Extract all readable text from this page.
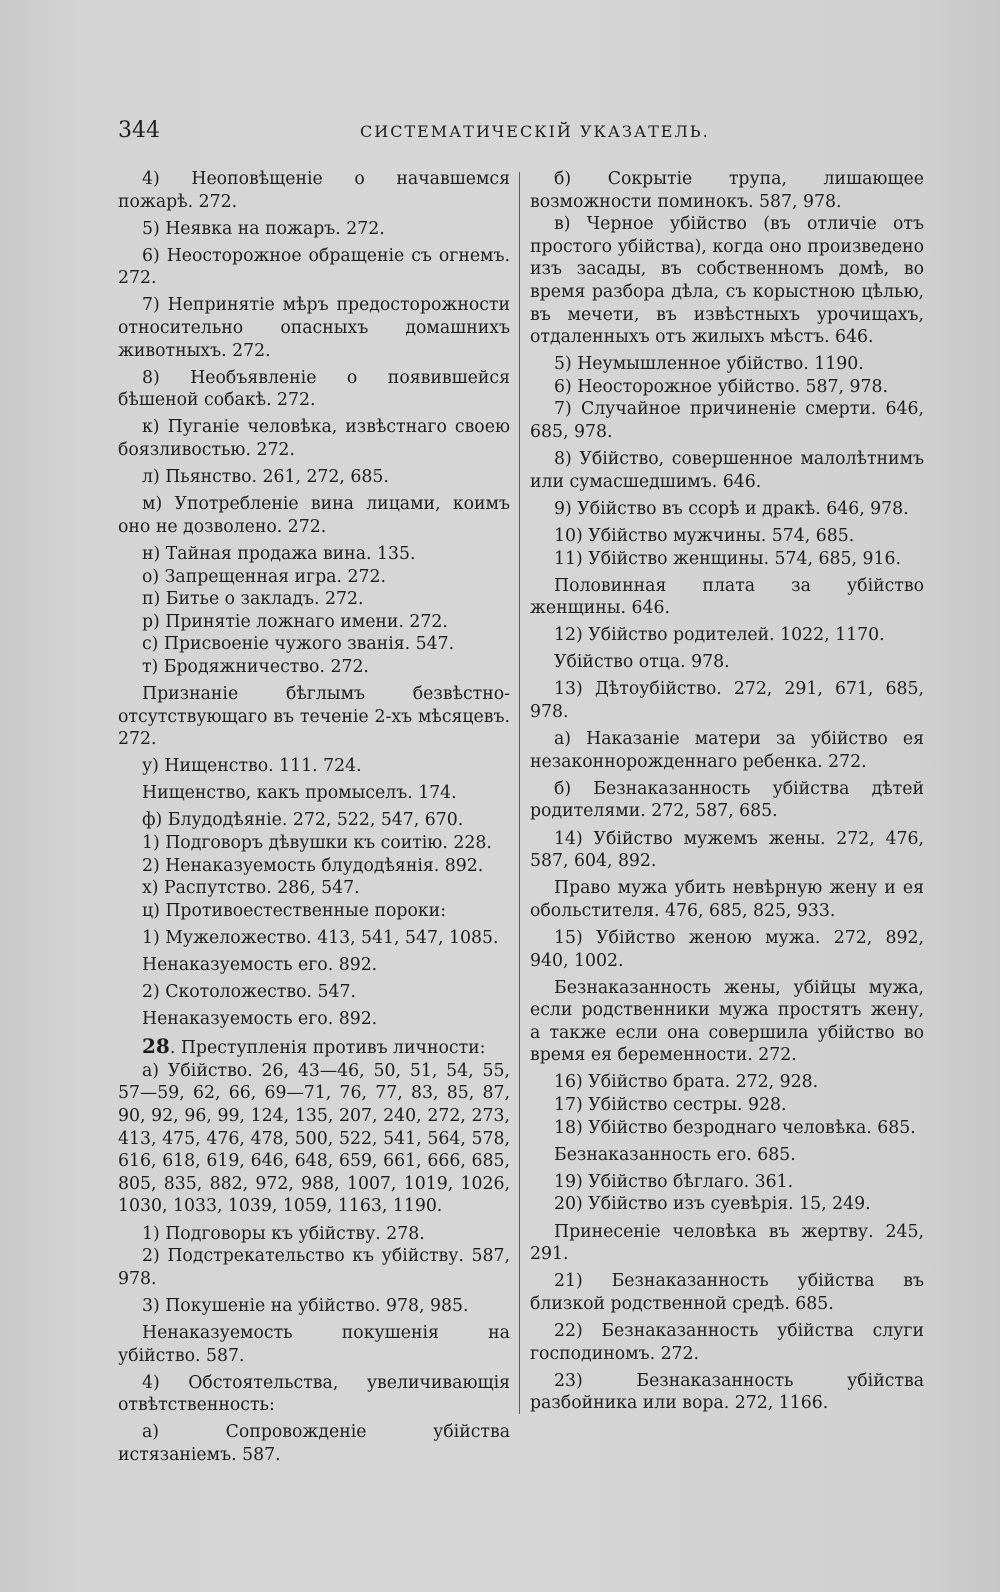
344	СИСТЕМАТИЧЕСКІЙ УКАЗАТЕЛЬ.

4) Неоповѣщеніе о начавшемся пожарѣ. 272.

5) Неявка на пожаръ. 272.

6) Неосторожное обращеніе съ огнемъ. 272.

7) Непринятіе мѣръ предосторожности относительно опасныхъ домашнихъ животныхъ. 272.

8) Необъявленіе о появившейся бѣшеной собакѣ. 272.

к) Пуганіе человѣка, извѣстнаго своею боязливостью. 272.

л) Пьянство. 261, 272, 685.

м) Употребленіе вина лицами, коимъ оно не дозволено. 272.

н) Тайная продажа вина. 135.

о) Запрещенная игра. 272.

п) Битье о закладъ. 272.

р) Принятіе ложнаго имени. 272.

с) Присвоеніе чужого званія. 547.

т) Бродяжничество. 272.

Признаніе бѣглымъ безвѣстно-отсутствующаго въ теченіе 2-хъ мѣсяцевъ. 272.

у) Нищенство. 111. 724.

Нищенство, какъ промыселъ. 174.

ф) Блудодѣяніе. 272, 522, 547, 670.

1) Подговоръ дѣвушки къ соитію. 228.

2) Ненаказуемость блудодѣянія. 892.

х) Распутство. 286, 547.

ц) Противоестественные пороки:

1) Мужеложество. 413, 541, 547, 1085.

Ненаказуемость его. 892.

2) Скотоложество. 547.

Ненаказуемость его. 892.

28. Преступленія противъ личности:

а) Убійство. 26, 43—46, 50, 51, 54, 55, 57—59, 62, 66, 69—71, 76, 77, 83, 85, 87, 90, 92, 96, 99, 124, 135, 207, 240, 272, 273, 413, 475, 476, 478, 500, 522, 541, 564, 578, 616, 618, 619, 646, 648, 659, 661, 666, 685, 805, 835, 882, 972, 988, 1007, 1019, 1026, 1030, 1033, 1039, 1059, 1163, 1190.

1) Подговоры къ убійству. 278.

2) Подстрекательство къ убійству. 587, 978.

3) Покушеніе на убійство. 978, 985.

Ненаказуемость покушенія на убійство. 587.

4) Обстоятельства, увеличивающія отвѣтственность:

а) Сопровожденіе убійства истязаніемъ. 587.

б) Сокрытіе трупа, лишающее возможности поминокъ. 587, 978.

в) Черное убійство (въ отличіе отъ простого убійства), когда оно произведено изъ засады, въ собственномъ домѣ, во время разбора дѣла, съ корыстною цѣлью, въ мечети, въ извѣстныхъ урочищахъ, отдаленныхъ отъ жилыхъ мѣстъ. 646.

5) Неумышленное убійство. 1190.

6) Неосторожное убійство. 587, 978.

7) Случайное причиненіе смерти. 646, 685, 978.

8) Убійство, совершенное малолѣтнимъ или сумасшедшимъ. 646.

9) Убійство въ ссорѣ и дракѣ. 646, 978.

10) Убійство мужчины. 574, 685.

11) Убійство женщины. 574, 685, 916.

Половинная плата за убійство женщины. 646.

12) Убійство родителей. 1022, 1170.

Убійство отца. 978.

13) Дѣтоубійство. 272, 291, 671, 685, 978.

а) Наказаніе матери за убійство ея незаконнорожденнаго ребенка. 272.

б) Безнаказанность убійства дѣтей родителями. 272, 587, 685.

14) Убійство мужемъ жены. 272, 476, 587, 604, 892.

Право мужа убить невѣрную жену и ея обольстителя. 476, 685, 825, 933.

15) Убійство женою мужа. 272, 892, 940, 1002.

Безнаказанность жены, убійцы мужа, если родственники мужа простятъ жену, а также если она совершила убійство во время ея беременности. 272.

16) Убійство брата. 272, 928.

17) Убійство сестры. 928.

18) Убійство безроднаго человѣка. 685.

Безнаказанность его. 685.

19) Убійство бѣглаго. 361.

20) Убійство изъ суевѣрія. 15, 249.

Принесеніе человѣка въ жертву. 245, 291.

21) Безнаказанность убійства въ близкой родственной средѣ. 685.

22) Безнаказанность убійства слуги господиномъ. 272.

23) Безнаказанность убійства разбойника или вора. 272, 1166.
